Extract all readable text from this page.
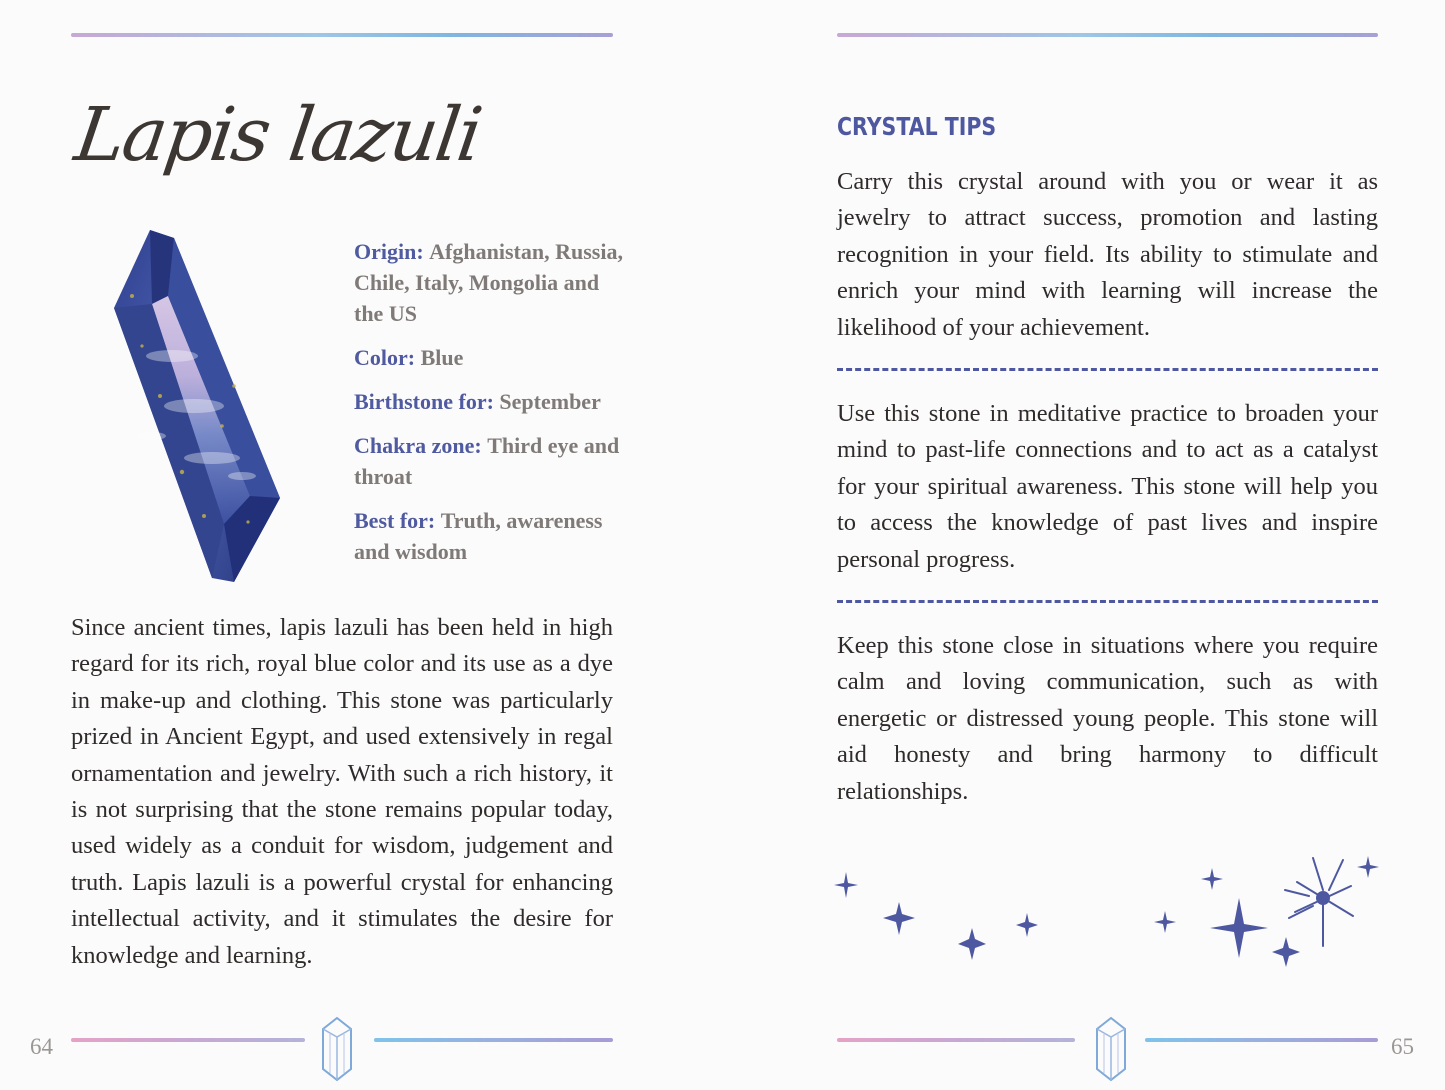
Lapis lazuli

Origin: Afghanistan, Russia, Chile, Italy, Mongolia and the US

Color: Blue

Birthstone for: September

Chakra zone: Third eye and throat

Best for: Truth, awareness and wisdom

Since ancient times, lapis lazuli has been held in high regard for its rich, royal blue color and its use as a dye in make-up and clothing. This stone was particularly prized in Ancient Egypt, and used extensively in regal ornamentation and jewelry. With such a rich history, it is not surprising that the stone remains popular today, used widely as a conduit for wisdom, judgement and truth. Lapis lazuli is a powerful crystal for enhancing intellectual activity, and it stimulates the desire for knowledge and learning.

64
CRYSTAL TIPS

Carry this crystal around with you or wear it as jewelry to attract success, promotion and lasting recognition in your field. Its ability to stimulate and enrich your mind with learning will increase the likelihood of your achievement.

Use this stone in meditative practice to broaden your mind to past-life connections and to act as a catalyst for your spiritual awareness. This stone will help you to access the knowledge of past lives and inspire personal progress.

Keep this stone close in situations where you require calm and loving communication, such as with energetic or distressed young people. This stone will aid honesty and bring harmony to difficult relationships.

65
